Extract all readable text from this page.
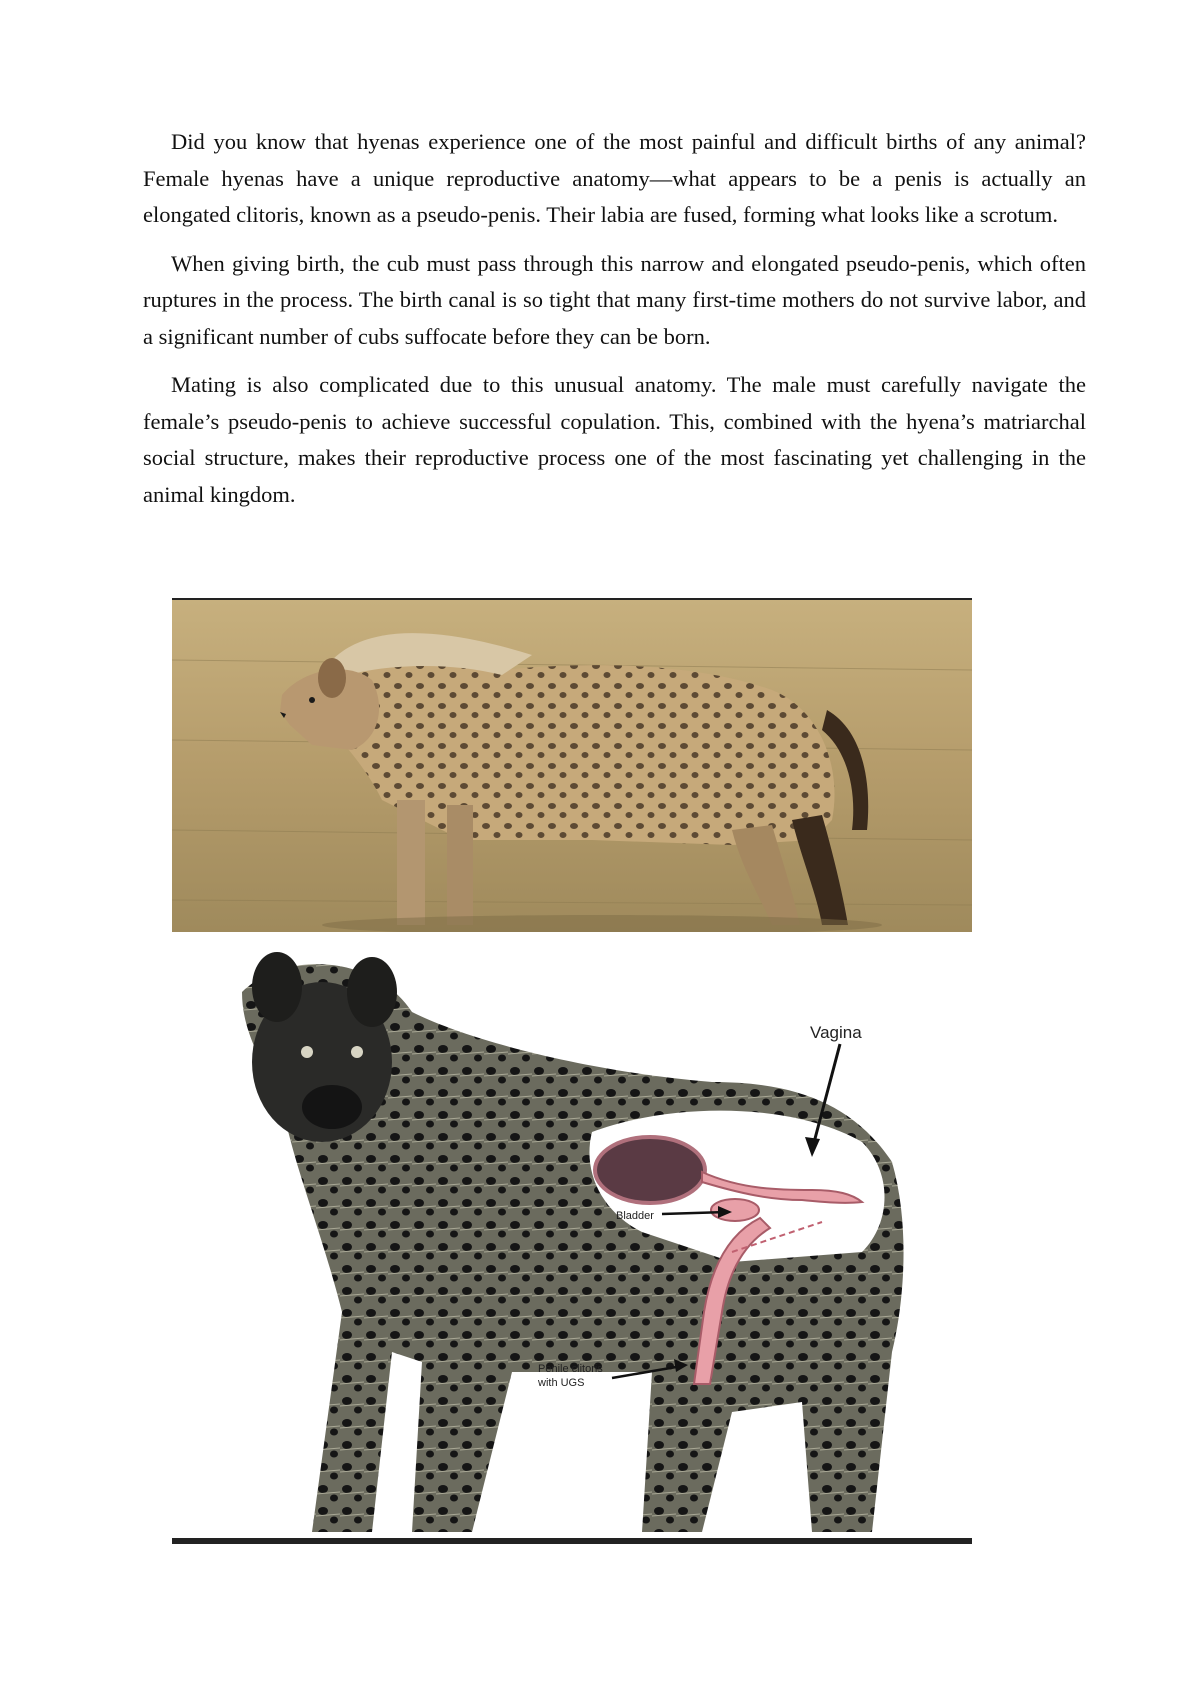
Did you know that hyenas experience one of the most painful and difficult births of any animal? Female hyenas have a unique reproductive anatomy—what appears to be a penis is actually an elongated clitoris, known as a pseudo-penis. Their labia are fused, forming what looks like a scrotum.

When giving birth, the cub must pass through this narrow and elongated pseudo-penis, which often ruptures in the process. The birth canal is so tight that many first-time mothers do not survive labor, and a significant number of cubs suffocate before they can be born.

Mating is also complicated due to this unusual anatomy. The male must carefully navigate the female’s pseudo-penis to achieve successful copulation. This, combined with the hyena’s matriarchal social structure, makes their reproductive process one of the most fascinating yet challenging in the animal kingdom.

Vagina
Bladder
Penile clitoris
with UGS
